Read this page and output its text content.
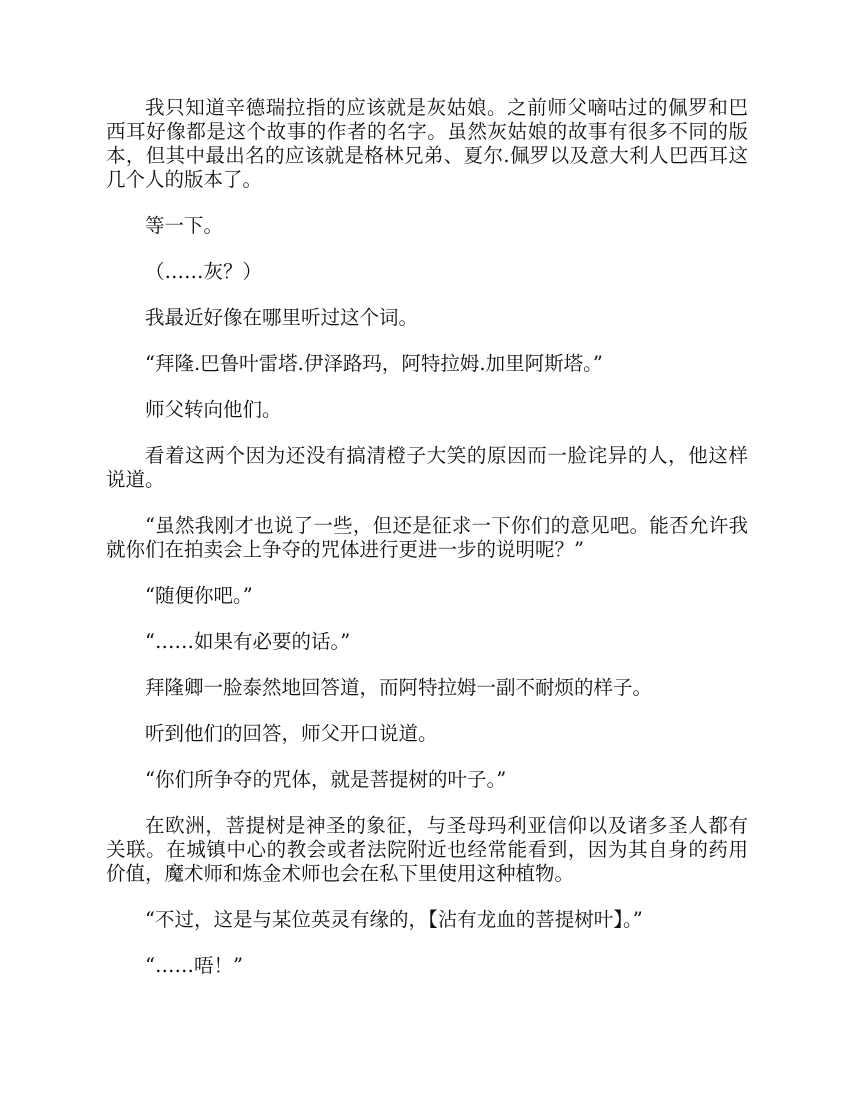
我只知道辛德瑞拉指的应该就是灰姑娘。之前师父嘀咕过的佩罗和巴西耳好像都是这个故事的作者的名字。虽然灰姑娘的故事有很多不同的版本，但其中最出名的应该就是格林兄弟、夏尔.佩罗以及意大利人巴西耳这几个人的版本了。

等一下。

（……灰？）

我最近好像在哪里听过这个词。

“拜隆.巴鲁叶雷塔.伊泽路玛，阿特拉姆.加里阿斯塔。”

师父转向他们。

看着这两个因为还没有搞清橙子大笑的原因而一脸诧异的人，他这样说道。

“虽然我刚才也说了一些，但还是征求一下你们的意见吧。能否允许我就你们在拍卖会上争夺的咒体进行更进一步的说明呢？”

“随便你吧。”

“……如果有必要的话。”

拜隆卿一脸泰然地回答道，而阿特拉姆一副不耐烦的样子。

听到他们的回答，师父开口说道。

“你们所争夺的咒体，就是菩提树的叶子。”

在欧洲，菩提树是神圣的象征，与圣母玛利亚信仰以及诸多圣人都有关联。在城镇中心的教会或者法院附近也经常能看到，因为其自身的药用价值，魔术师和炼金术师也会在私下里使用这种植物。

“不过，这是与某位英灵有缘的，【沾有龙血的菩提树叶】。”

“……唔！”
